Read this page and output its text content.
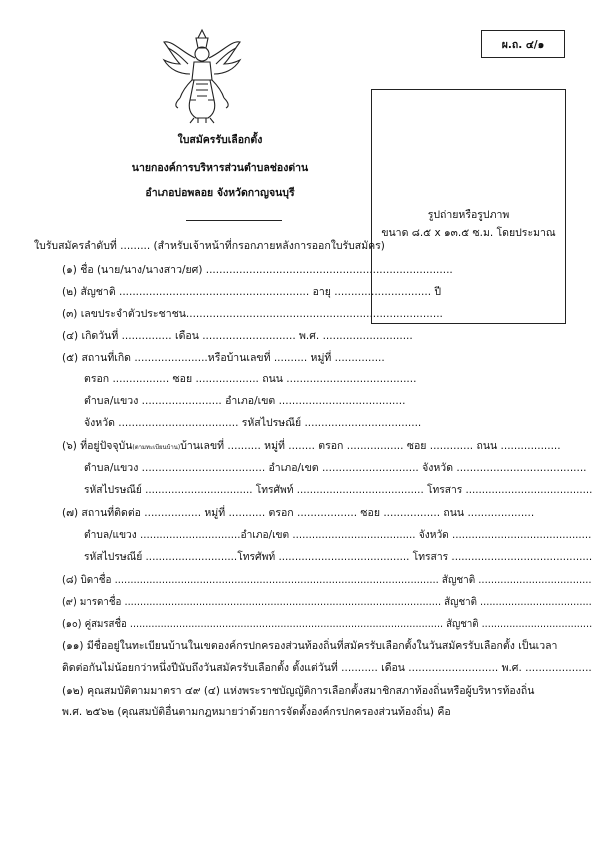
ผ.ถ. ๔/๑
รูปถ่ายหรือรูปภาพ
ขนาด ๘.๕ x ๑๓.๕ ซ.ม. โดยประมาณ
ใบสมัครรับเลือกตั้ง
นายกองค์การบริหารส่วนตำบลช่องด่าน
อำเภอบ่อพลอย จังหวัดกาญจนบุรี
ใบรับสมัครลำดับที่ ......... (สำหรับเจ้าหน้าที่กรอกภายหลังการออกใบรับสมัคร)
(๑) ชื่อ (นาย/นาง/นางสาว/ยศ) ..........................................................................
(๒) สัญชาติ ......................................................... อายุ ............................. ปี
(๓) เลขประจำตัวประชาชน.............................................................................
(๔) เกิดวันที่ ............... เดือน ............................ พ.ศ. ...........................
(๕) สถานที่เกิด ......................หรือบ้านเลขที่ .......... หมู่ที่ ...............
ตรอก ................. ซอย ................... ถนน .......................................
ตำบล/แขวง ........................ อำเภอ/เขต ......................................
จังหวัด .................................... รหัสไปรษณีย์ ...................................
(๖) ที่อยู่ปัจจุบัน(ตามทะเบียนบ้าน)บ้านเลขที่ .......... หมู่ที่ ........ ตรอก ................. ซอย ............. ถนน ..................
ตำบล/แขวง ..................................... อำเภอ/เขต ............................. จังหวัด .......................................
รหัสไปรษณีย์ ................................. โทรศัพท์ ....................................... โทรสาร .......................................
(๗) สถานที่ติดต่อ ................. หมู่ที่ ........... ตรอก .................. ซอย ................. ถนน ....................
ตำบล/แขวง ...............................อำเภอ/เขต ...................................... จังหวัด ...........................................
รหัสไปรษณีย์ ............................โทรศัพท์ ........................................ โทรสาร ...........................................
(๘) บิดาชื่อ ....................................................................................................... สัญชาติ ....................................
(๙) มารดาชื่อ ...................................................................................................... สัญชาติ ....................................
(๑๐) คู่สมรสชื่อ ...................................................................................................... สัญชาติ ....................................
(๑๑) มีชื่ออยู่ในทะเบียนบ้านในเขตองค์กรปกครองส่วนท้องถิ่นที่สมัครรับเลือกตั้งในวันสมัครรับเลือกตั้ง เป็นเวลา
ติดต่อกันไม่น้อยกว่าหนึ่งปีนับถึงวันสมัครรับเลือกตั้ง ตั้งแต่วันที่ ........... เดือน ........................... พ.ศ. ....................
(๑๒) คุณสมบัติตามมาตรา ๔๙ (๔) แห่งพระราชบัญญัติการเลือกตั้งสมาชิกสภาท้องถิ่นหรือผู้บริหารท้องถิ่น
พ.ศ. ๒๕๖๒ (คุณสมบัติอื่นตามกฎหมายว่าด้วยการจัดตั้งองค์กรปกครองส่วนท้องถิ่น) คือ
